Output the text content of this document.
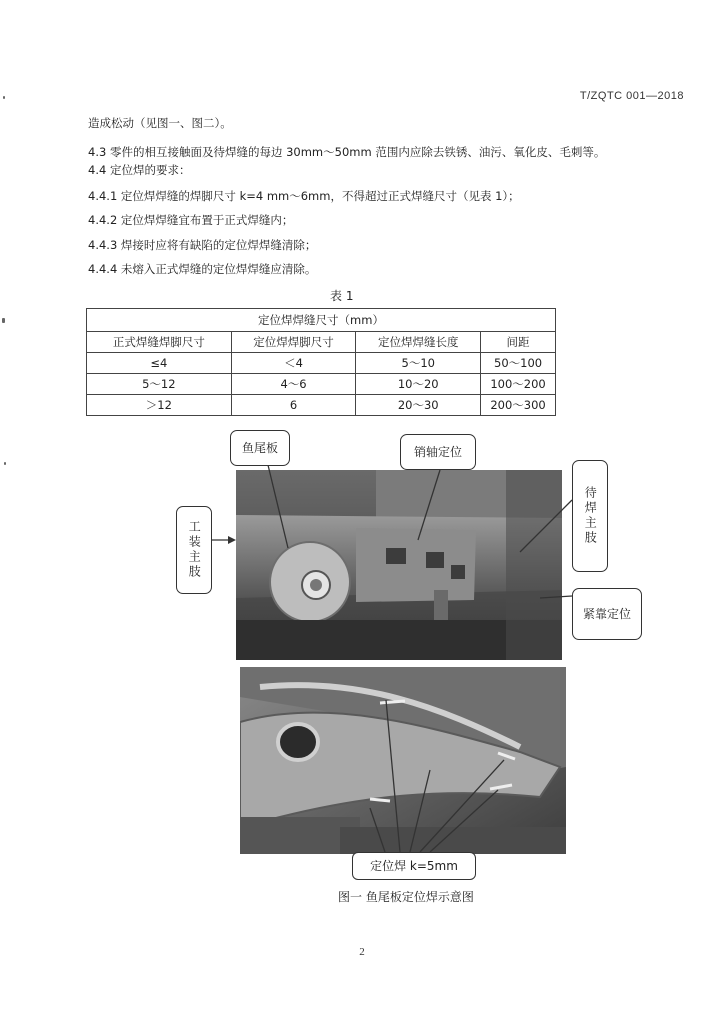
T/ZQTC 001—2018
造成松动（见图一、图二）。
4.3 零件的相互接触面及待焊缝的每边 30mm～50mm 范围内应除去铁锈、油污、氧化皮、毛刺等。
4.4 定位焊的要求：
4.4.1 定位焊焊缝的焊脚尺寸 k=4 mm～6mm，不得超过正式焊缝尺寸（见表 1）；
4.4.2 定位焊焊缝宜布置于正式焊缝内；
4.4.3 焊接时应将有缺陷的定位焊焊缝清除；
4.4.4 未熔入正式焊缝的定位焊焊缝应清除。
表 1
定位焊焊缝尺寸（mm）			
正式焊缝焊脚尺寸	定位焊焊脚尺寸	定位焊焊缝长度	间距
≤4	＜4	5～10	50～100
5～12	4～6	10～20	100～200
＞12	6	20～30	200～300
鱼尾板	销轴定位
待焊主肢
工装主肢
紧靠定位
定位焊 k=5mm
图一 鱼尾板定位焊示意图
2
